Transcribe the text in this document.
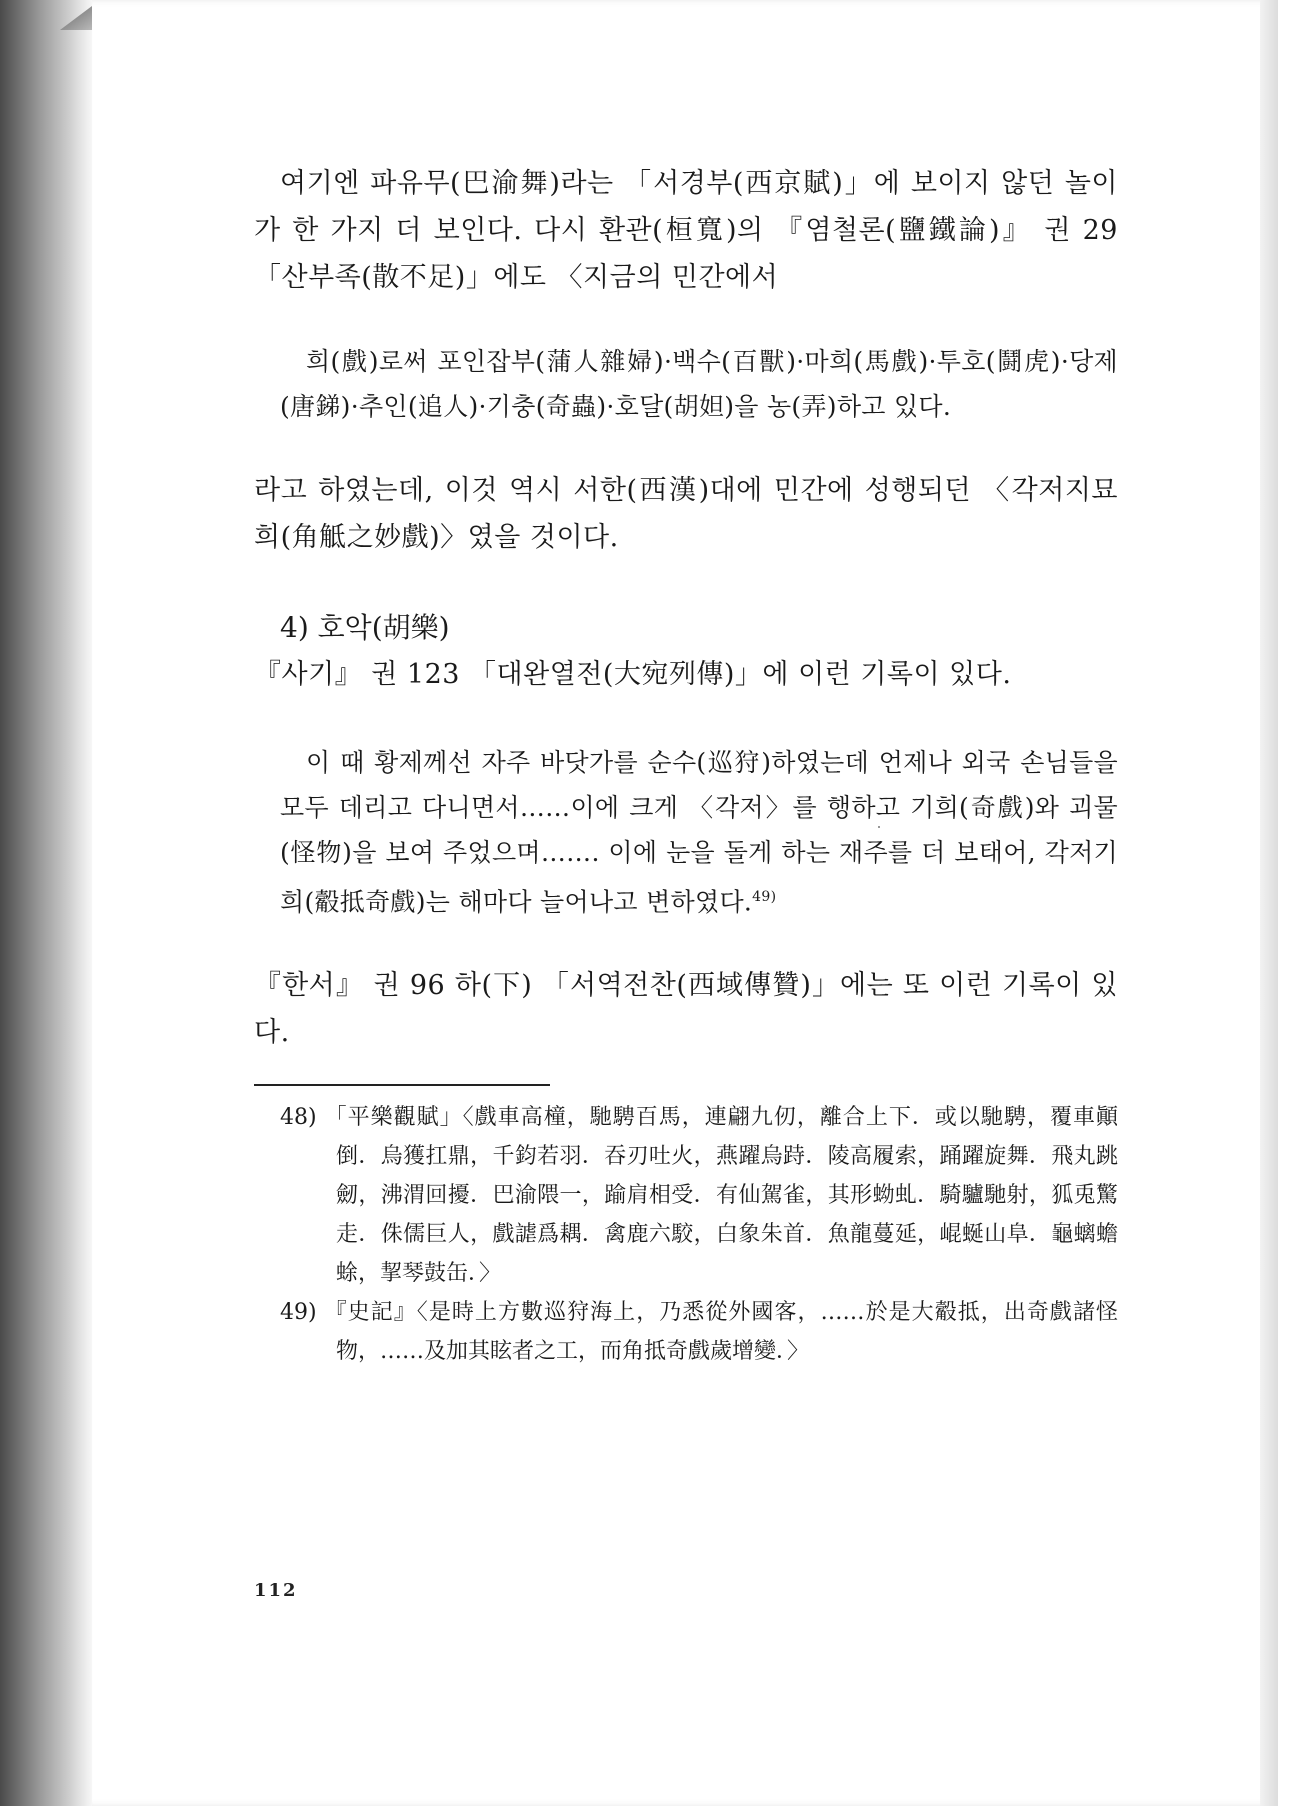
여기엔 파유무(巴渝舞)라는 「서경부(西京賦)」에 보이지 않던 놀이가 한 가지 더 보인다. 다시 환관(桓寬)의 『염철론(鹽鐵論)』 권 29 「산부족(散不足)」에도 〈지금의 민간에서

희(戲)로써 포인잡부(蒲人雜婦)·백수(百獸)·마희(馬戲)·투호(鬪虎)·당제(唐銻)·추인(追人)·기충(奇蟲)·호달(胡妲)을 농(弄)하고 있다.

라고 하였는데, 이것 역시 서한(西漢)대에 민간에 성행되던 〈각저지묘희(角觝之妙戲)〉였을 것이다.

4) 호악(胡樂)

『사기』 권 123 「대완열전(大宛列傳)」에 이런 기록이 있다.

이 때 황제께선 자주 바닷가를 순수(巡狩)하였는데 언제나 외국 손님들을 모두 데리고 다니면서……이에 크게 〈각저〉를 행하고 기희(奇戲)와 괴물(怪物)을 보여 주었으며……. 이에 눈을 돌게 하는 재주를 더 보태어, 각저기희(觳抵奇戲)는 해마다 늘어나고 변하였다.$^{49)}$

『한서』 권 96 하(下) 「서역전찬(西域傳贊)」에는 또 이런 기록이 있다.

48) 「平樂觀賦」〈戲車高橦，馳騁百馬，連翩九仞，離合上下．或以馳騁，覆車顚倒．烏獲扛鼎，千鈞若羽．吞刃吐火，燕躍烏跱．陵高履索，踊躍旋舞．飛丸跳劒，沸渭回擾．巴渝隈一，踰肩相受．有仙駕雀，其形蚴虬．騎驢馳射，狐兎驚走．侏儒巨人，戲謔爲耦．禽鹿六駮，白象朱首．魚龍蔓延，崐蜒山阜．龜螭蟾蜍，挈琴鼓缶．〉

49) 『史記』〈是時上方數巡狩海上，乃悉從外國客，……於是大觳抵，出奇戲諸怪物，……及加其眩者之工，而角抵奇戲歲增變．〉

112
